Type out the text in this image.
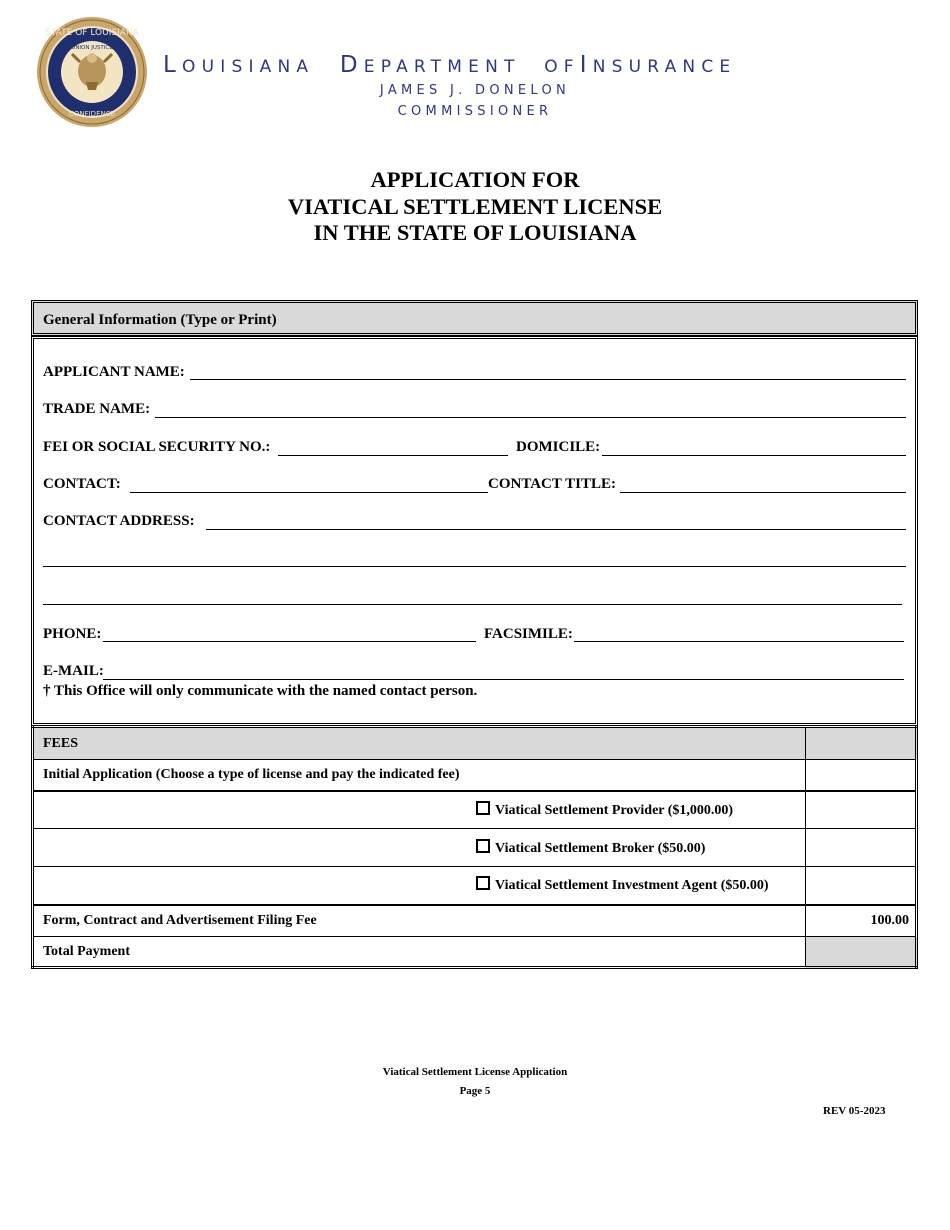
STATE OF LOUISIANA
UNION JUSTICE
CONFIDENCE
LOUISIANA DEPARTMENT OFINSURANCE
JAMES J. DONELON
COMMISSIONER
APPLICATION FOR
VIATICAL SETTLEMENT LICENSE
IN THE STATE OF LOUISIANA
General Information (Type or Print)
APPLICANT NAME:
TRADE NAME:
FEI OR SOCIAL SECURITY NO.:	DOMICILE:
CONTACT:	CONTACT TITLE:
CONTACT ADDRESS:
PHONE:	FACSIMILE:
E-MAIL:
† This Office will only communicate with the named contact person.
FEES	
Initial Application (Choose a type of license and pay the indicated fee)	
Viatical Settlement Provider ($1,000.00)	
Viatical Settlement Broker ($50.00)	
Viatical Settlement Investment Agent ($50.00)	
Form, Contract and Advertisement Filing Fee	100.00
Total Payment	
Viatical Settlement License Application
Page 5
REV 05-2023
